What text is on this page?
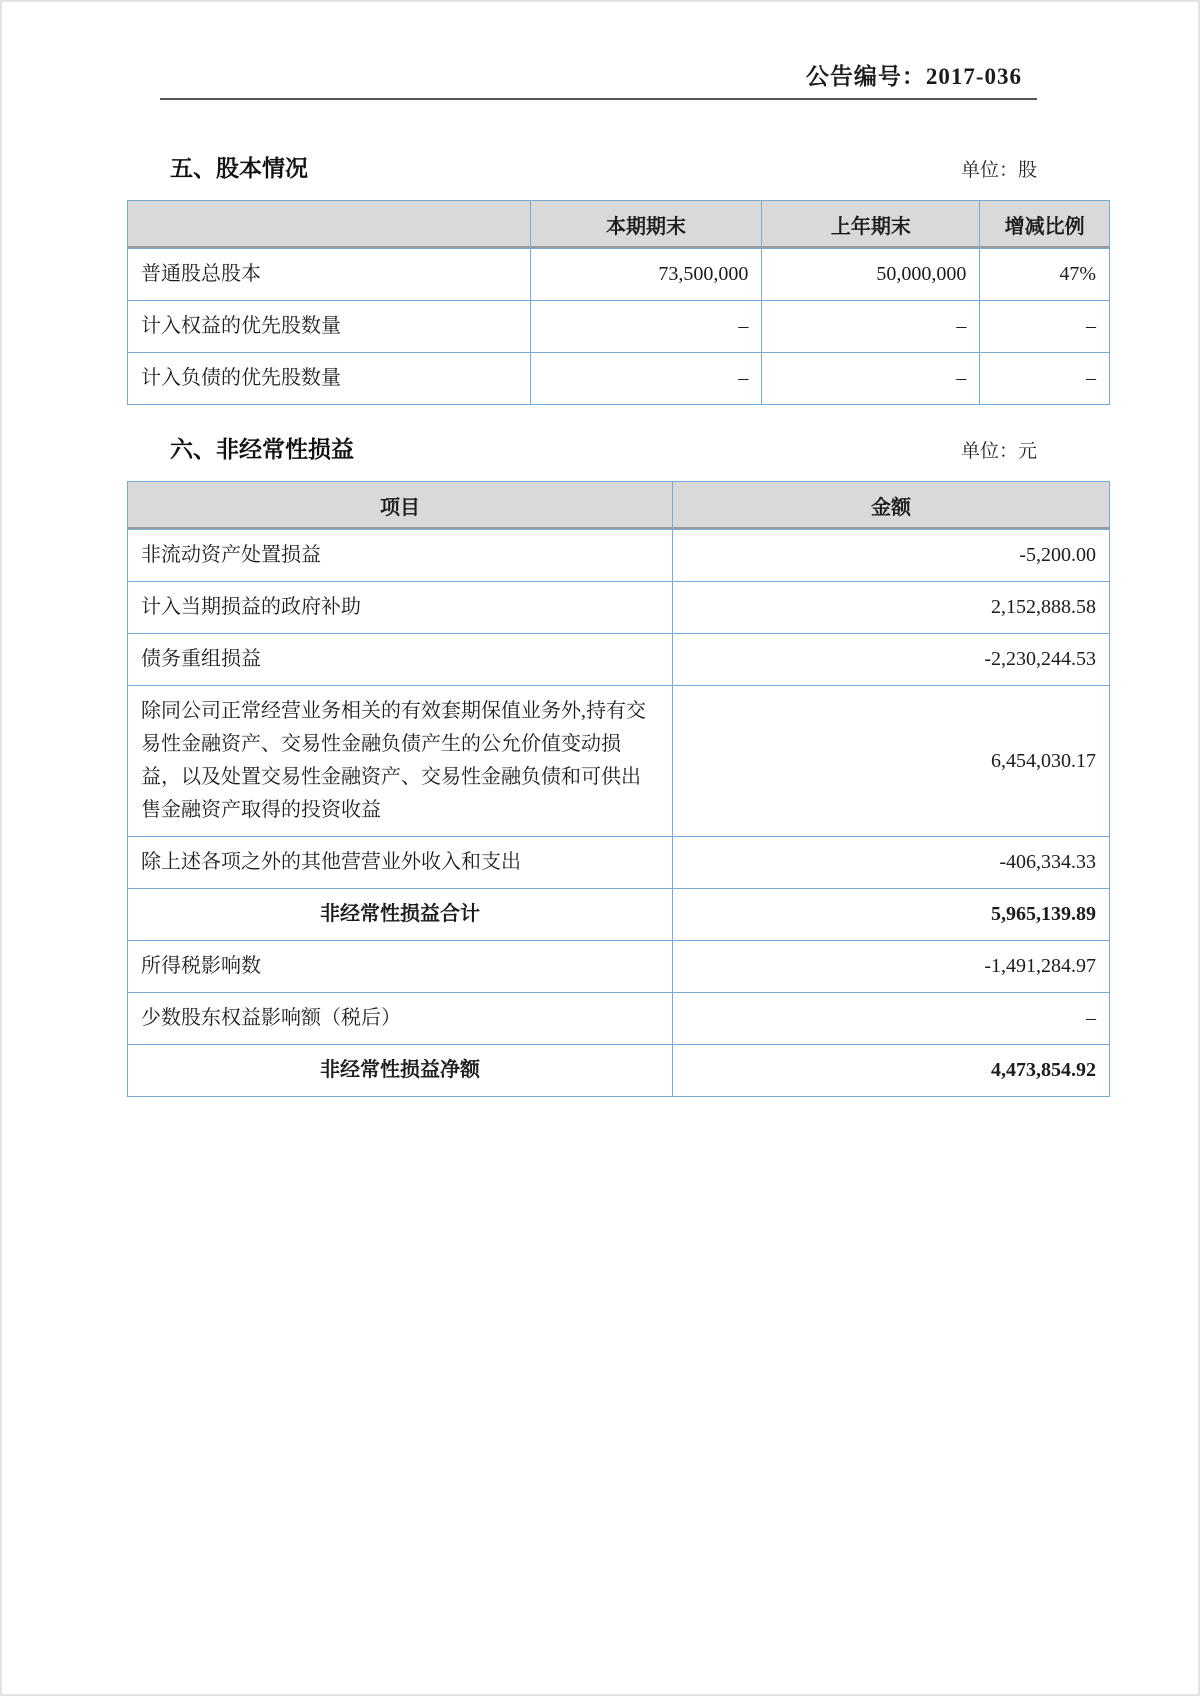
公告编号：2017-036
五、股本情况	单位：股
	本期期末	上年期末	增减比例
普通股总股本	73,500,000	50,000,000	47%
计入权益的优先股数量	–	–	–
计入负债的优先股数量	–	–	–
六、非经常性损益	单位：元
项目	金额
非流动资产处置损益	-5,200.00
计入当期损益的政府补助	2,152,888.58
债务重组损益	-2,230,244.53
除同公司正常经营业务相关的有效套期保值业务外,持有交易性金融资产、交易性金融负债产生的公允价值变动损益，以及处置交易性金融资产、交易性金融负债和可供出售金融资产取得的投资收益	6,454,030.17
除上述各项之外的其他营营业外收入和支出	-406,334.33
非经常性损益合计	5,965,139.89
所得税影响数	-1,491,284.97
少数股东权益影响额（税后）	–
非经常性损益净额	4,473,854.92
